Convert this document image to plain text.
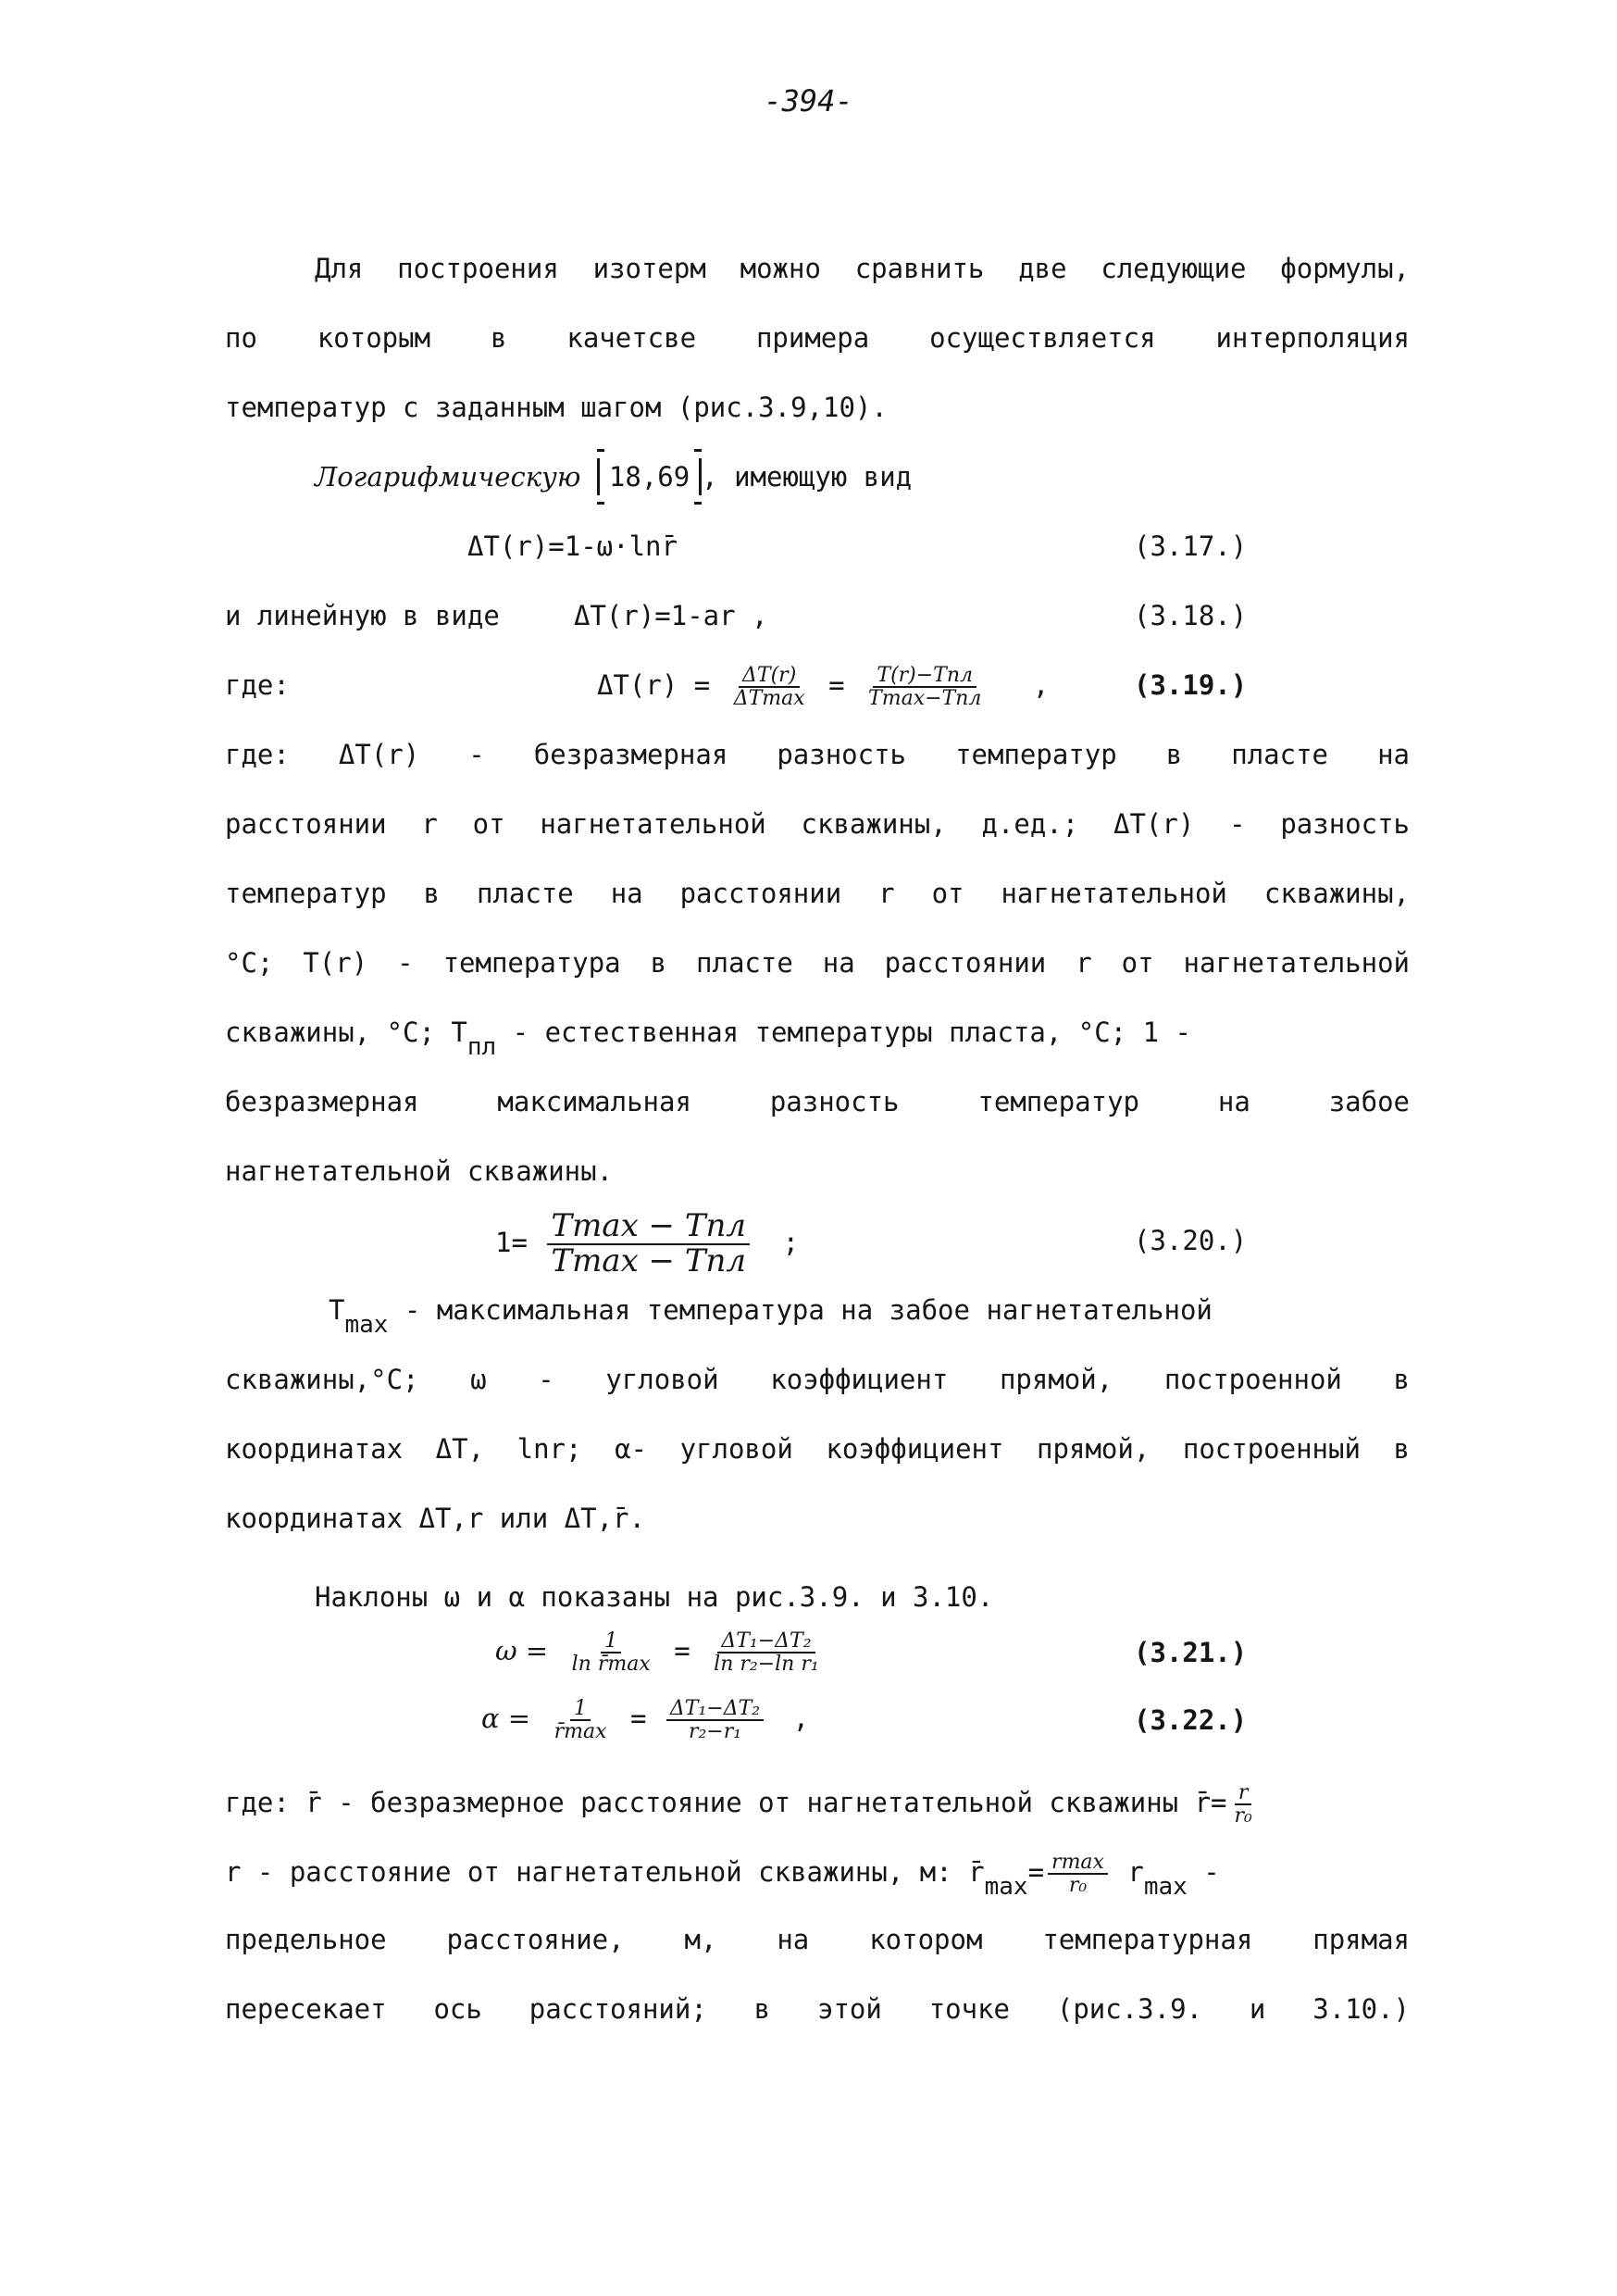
-394-
Для построения изотерм можно сравнить две следующие формулы,
по которым в качетсве примера осуществляется интерполяция
температур с заданным шагом (рис.3.9,10).
Логарифмическую 18,69 , имеющую вид
ΔT(r)=1-ω·lnr̄	(3.17.)
и линейную в виде	ΔT(r)=1-ar ,	(3.18.)
где:	$\Delta T(r) = \frac{\Delta T(r)}{\Delta Tmax} = \frac{\text{T(r)−Tпл}}{\text{Tmax−Tпл}}$ ,	(3.19.)
где: ΔT(r) - безразмерная разность температур в пласте на
расстоянии r от нагнетательной скважины, д.ед.; ΔT(r) - разность
температур в пласте на расстоянии r от нагнетательной скважины,
°C; T(r) - температура в пласте на расстоянии r от нагнетательной
скважины, °C; Tпл - естественная температуры пласта, °C; 1 -
безразмерная максимальная разность температур на забое
нагнетательной скважины.
$1= \frac{\text{Tmax − Tпл}}{\text{Tmax − Tпл}}$ ;	(3.20.)
Tmax - максимальная температура на забое нагнетательной
скважины,°C; ω - угловой коэффициент прямой, построенной в
координатах ΔT, lnr; α- угловой коэффициент прямой, построенный в
координатах ΔT,r или ΔT,r̄.
Наклоны ω и α показаны на рис.3.9. и 3.10.
$\omega = \frac{1}{\text{ln r̄max}} = \frac{\text{ΔT₁−ΔT₂}}{\text{ln r₂−ln r₁}}$	(3.21.)
$\alpha = \frac{1}{r̄\max} = \frac{\text{ΔT₁−ΔT₂}}{\text{r₂−r₁}}$ ,	(3.22.)
где: r̄ - безразмерное расстояние от нагнетательной скважины r̄= $\frac{r}{\text{r₀}}$
r - расстояние от нагнетательной скважины, м: r̄max= $\frac{rmax}{\text{r₀}}$ rmax -
предельное расстояние, м, на котором температурная прямая
пересекает ось расстояний; в этой точке (рис.3.9. и 3.10.)
